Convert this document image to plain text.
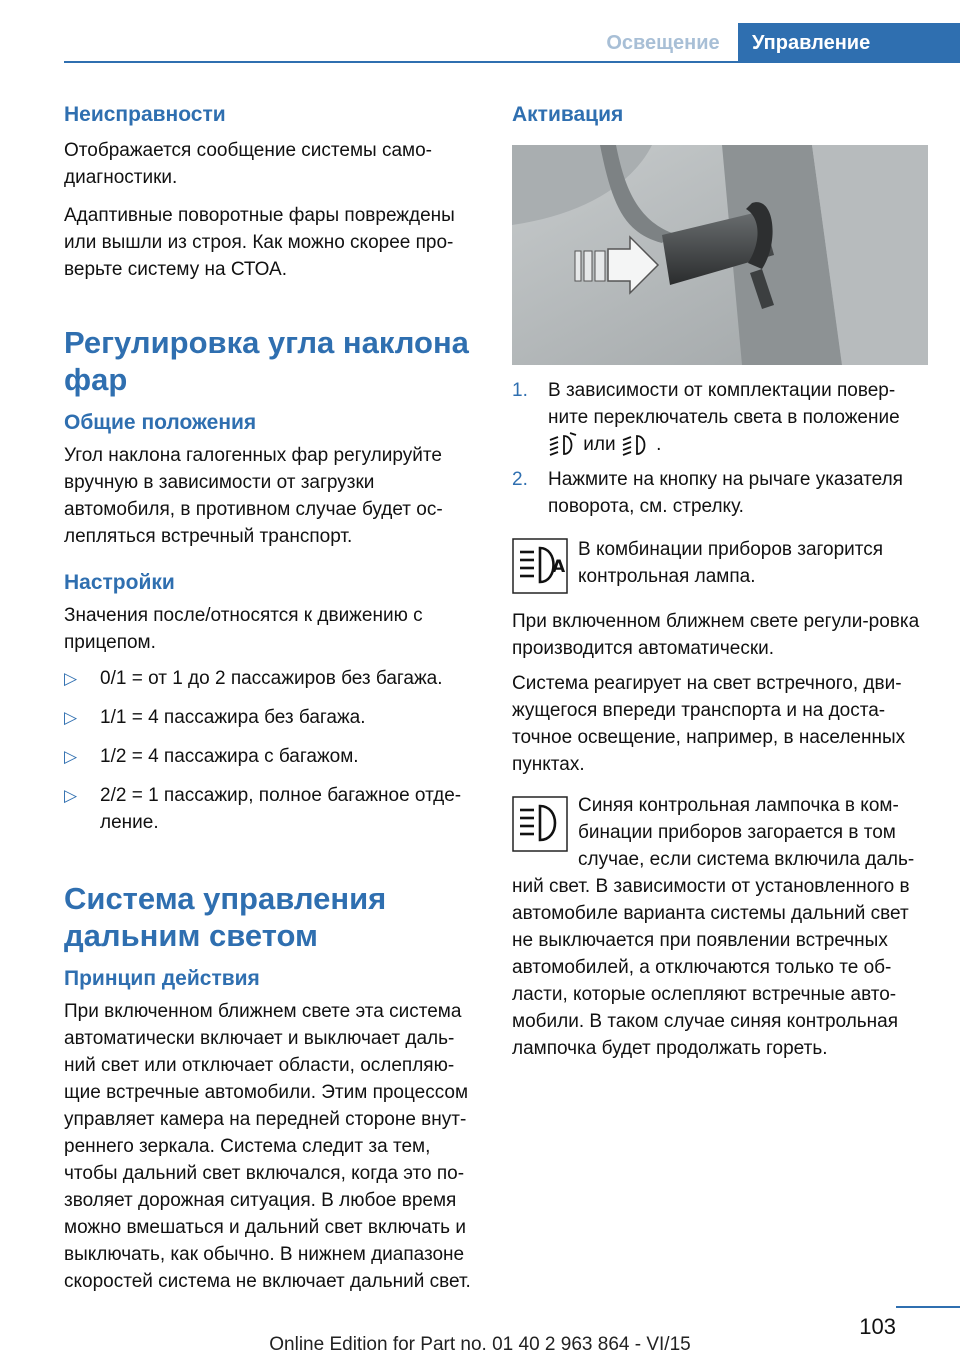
Освещение	Управление
Неисправности

Отображается сообщение системы само-диагностики.

Адаптивные поворотные фары повреждены или вышли из строя. Как можно скорее про-верьте систему на СТОА.

Регулировка угла наклона фар
Общие положения

Угол наклона галогенных фар регулируйте вручную в зависимости от загрузки автомобиля, в противном случае будет ос-леплятьcя встречный транспорт.

Настройки

Значения после/относятся к движению с прицепом.

▷ 0/1 = от 1 до 2 пассажиров без багажа.
▷ 1/1 = 4 пассажира без багажа.
▷ 1/2 = 4 пассажира с багажом.
▷ 2/2 = 1 пассажир, полное багажное отде-ление.
Система управления дальним светом
Принцип действия

При включенном ближнем свете эта система автоматически включает и выключает даль-ний свет или отключает области, ослепляю-щие встречные автомобили. Этим процессом управляет камера на передней стороне внут-реннего зеркала. Система следит за тем, чтобы дальний свет включался, когда это по-зволяет дорожная ситуация. В любое время можно вмешаться и дальний свет включать и выключать, как обычно. В нижнем диапазоне скоростей система не включает дальний свет.

Активация
1. В зависимости от комплектации повер-ните переключатель света в положение
или .
2. Нажмите на кнопку на рычаге указателя поворота, см. стрелку.
A

В комбинации приборов загорится контрольная лампа.

При включенном ближнем свете регули-ровка производится автоматически.

Система реагирует на свет встречного, дви-жущегося впереди транспорта и на доста-точное освещение, например, в населенных пунктах.

Синяя контрольная лампочка в ком-бинации приборов загорается в том случае, если система включила даль-

ний свет. В зависимости от установленного в автомобиле варианта системы дальний свет не выключается при появлении встречных автомобилей, а отключаются только те об-ласти, которые ослепляют встречные авто-мобили. В таком случае синяя контрольная лампочка будет продолжать гореть.

103
Online Edition for Part no. 01 40 2 963 864 - VI/15
